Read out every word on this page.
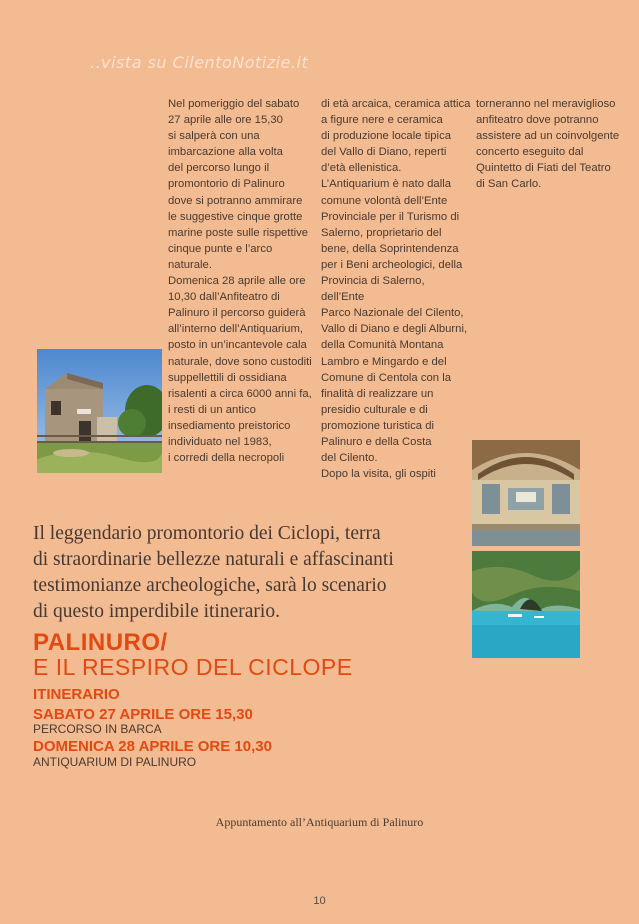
..vista su CilentoNotizie.it
Nel pomeriggio del sabato
27 aprile alle ore 15,30
si salperà con una
imbarcazione alla volta
del percorso lungo il
promontorio di Palinuro
dove si potranno ammirare
le suggestive cinque grotte
marine poste sulle rispettive
cinque punte e l’arco
naturale.
Domenica 28 aprile alle ore
10,30 dall’Anfiteatro di
Palinuro il percorso guiderà
all’interno dell’Antiquarium,
posto in un’incantevole cala
naturale, dove sono custoditi
suppellettili di ossidiana
risalenti a circa 6000 anni fa,
i resti di un antico
insediamento preistorico
individuato nel 1983,
i corredi della necropoli
di età arcaica, ceramica attica
a figure nere e ceramica
di produzione locale tipica
del Vallo di Diano, reperti
d’età ellenistica.
L’Antiquarium è nato dalla
comune volontà dell’Ente
Provinciale per il Turismo di
Salerno, proprietario del
bene, della Soprintendenza
per i Beni archeologici, della
Provincia di Salerno, dell’Ente
Parco Nazionale del Cilento,
Vallo di Diano e degli Alburni,
della Comunità Montana
Lambro e Mingardo e del
Comune di Centola con la
finalità di realizzare un
presidio culturale e di
promozione turistica di
Palinuro e della Costa
del Cilento.
Dopo la visita, gli ospiti
torneranno nel meraviglioso
anfiteatro dove potranno
assistere ad un coinvolgente
concerto eseguito dal
Quintetto di Fiati del Teatro
di San Carlo.
Il leggendario promontorio dei Ciclopi, terra
di straordinarie bellezze naturali e affascinanti
testimonianze archeologiche, sarà lo scenario
di questo imperdibile itinerario.
PALINURO/
E IL RESPIRO DEL CICLOPE
ITINERARIO
SABATO 27 APRILE ORE 15,30
PERCORSO IN BARCA
DOMENICA 28 APRILE ORE 10,30
ANTIQUARIUM DI PALINURO
Appuntamento all’Antiquarium di Palinuro
10
